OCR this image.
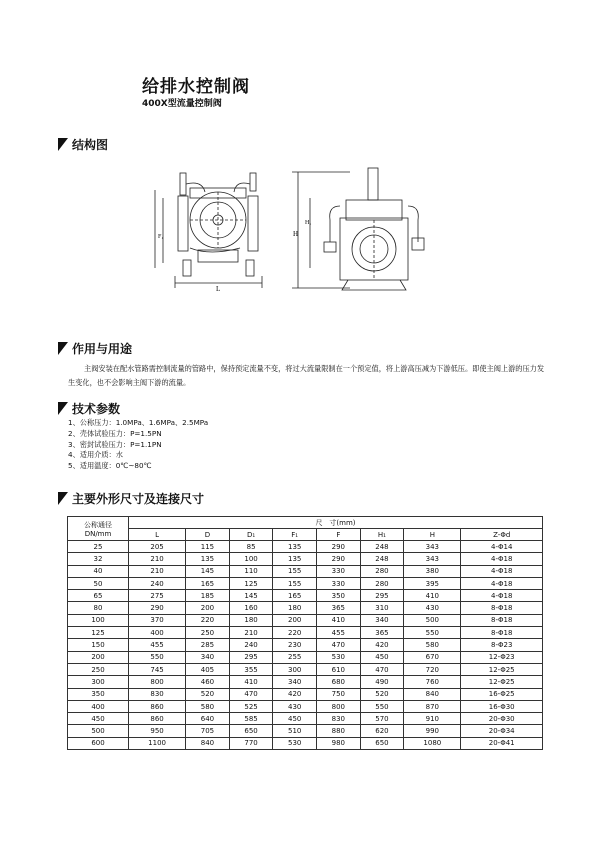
给排水控制阀
400X型流量控制阀
结构图
L
F₁	H
H₁
作用与用途
主阀安装在配水管路需控制流量的管路中，保持预定流量不变，将过大流量限制在一个预定值，将上游高压减为下游低压。即使主阀上游的压力发生变化，也不会影响主阀下游的流量。
技术参数
1、公称压力：1.0MPa、1.6MPa、2.5MPa
2、壳体试验压力：P=1.5PN
3、密封试验压力：P=1.1PN
4、适用介质：水
5、适用温度：0℃~80℃
主要外形尺寸及连接尺寸
公称通径
DN/mm	尺　寸(mm)							
	L	D	D₁	F₁	F	H₁	H	Z-Φd
25	205	115	85	135	290	248	343	4-Φ14
32	210	135	100	135	290	248	343	4-Φ18
40	210	145	110	155	330	280	380	4-Φ18
50	240	165	125	155	330	280	395	4-Φ18
65	275	185	145	165	350	295	410	4-Φ18
80	290	200	160	180	365	310	430	8-Φ18
100	370	220	180	200	410	340	500	8-Φ18
125	400	250	210	220	455	365	550	8-Φ18
150	455	285	240	230	470	420	580	8-Φ23
200	550	340	295	255	530	450	670	12-Φ23
250	745	405	355	300	610	470	720	12-Φ25
300	800	460	410	340	680	490	760	12-Φ25
350	830	520	470	420	750	520	840	16-Φ25
400	860	580	525	430	800	550	870	16-Φ30
450	860	640	585	450	830	570	910	20-Φ30
500	950	705	650	510	880	620	990	20-Φ34
600	1100	840	770	530	980	650	1080	20-Φ41
